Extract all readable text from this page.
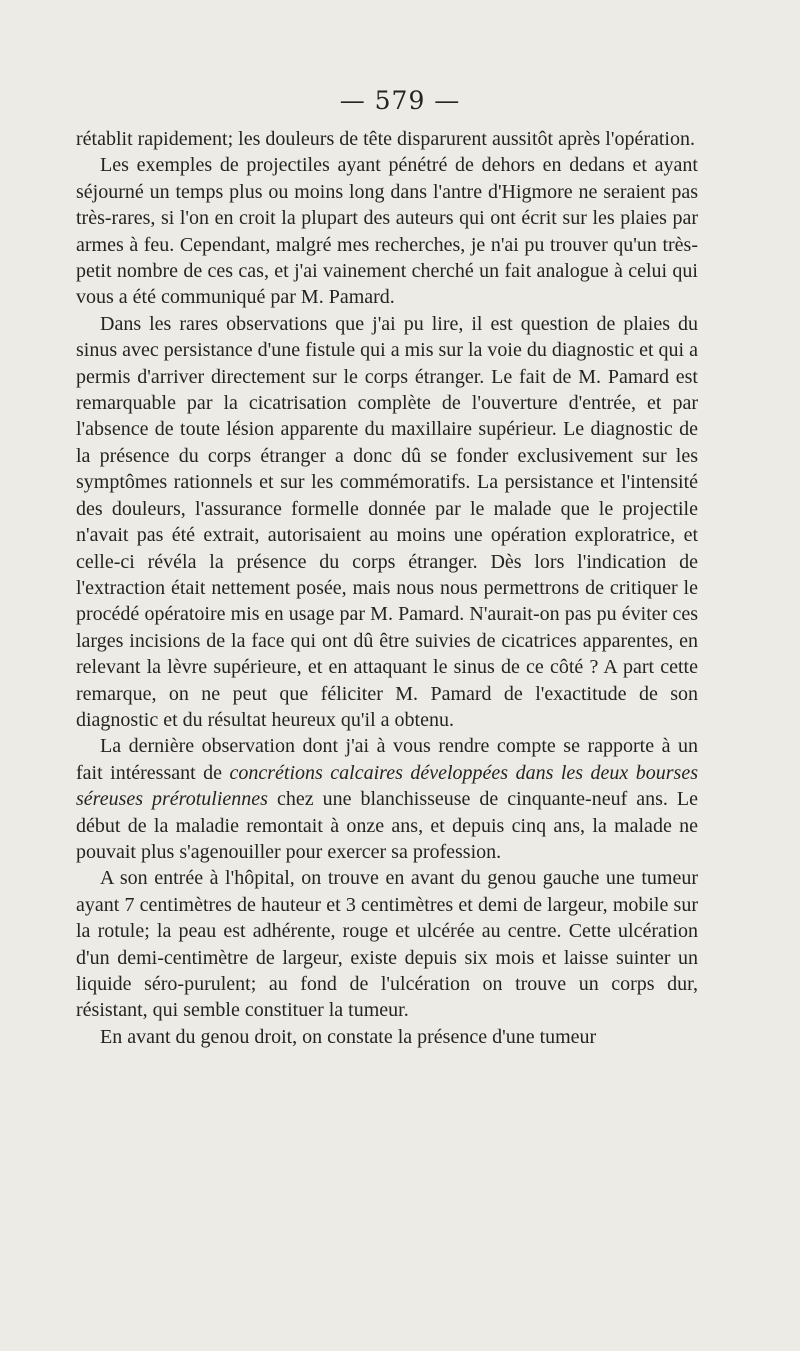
— 579 —

rétablit rapidement; les douleurs de tête disparurent aussitôt après l'opération.

Les exemples de projectiles ayant pénétré de dehors en dedans et ayant séjourné un temps plus ou moins long dans l'antre d'Higmore ne seraient pas très-rares, si l'on en croit la plupart des auteurs qui ont écrit sur les plaies par armes à feu. Cependant, malgré mes recherches, je n'ai pu trouver qu'un très-petit nombre de ces cas, et j'ai vainement cherché un fait analogue à celui qui vous a été communiqué par M. Pamard.

Dans les rares observations que j'ai pu lire, il est question de plaies du sinus avec persistance d'une fistule qui a mis sur la voie du diagnostic et qui a permis d'arriver directement sur le corps étranger. Le fait de M. Pamard est remarquable par la cicatrisation complète de l'ouverture d'entrée, et par l'absence de toute lésion apparente du maxillaire supérieur. Le diagnostic de la présence du corps étranger a donc dû se fonder exclusivement sur les symptômes rationnels et sur les commémoratifs. La persistance et l'intensité des douleurs, l'assurance formelle donnée par le malade que le projectile n'avait pas été extrait, autorisaient au moins une opération exploratrice, et celle-ci révéla la présence du corps étranger. Dès lors l'indication de l'extraction était nettement posée, mais nous nous permettrons de critiquer le procédé opératoire mis en usage par M. Pamard. N'aurait-on pas pu éviter ces larges incisions de la face qui ont dû être suivies de cicatrices apparentes, en relevant la lèvre supérieure, et en attaquant le sinus de ce côté ? A part cette remarque, on ne peut que féliciter M. Pamard de l'exactitude de son diagnostic et du résultat heureux qu'il a obtenu.

La dernière observation dont j'ai à vous rendre compte se rapporte à un fait intéressant de concrétions calcaires développées dans les deux bourses séreuses prérotuliennes chez une blanchisseuse de cinquante-neuf ans. Le début de la maladie remontait à onze ans, et depuis cinq ans, la malade ne pouvait plus s'agenouiller pour exercer sa profession.

A son entrée à l'hôpital, on trouve en avant du genou gauche une tumeur ayant 7 centimètres de hauteur et 3 centimètres et demi de largeur, mobile sur la rotule; la peau est adhérente, rouge et ulcérée au centre. Cette ulcération d'un demi-centimètre de largeur, existe depuis six mois et laisse suinter un liquide séro-purulent; au fond de l'ulcération on trouve un corps dur, résistant, qui semble constituer la tumeur.

En avant du genou droit, on constate la présence d'une tumeur
